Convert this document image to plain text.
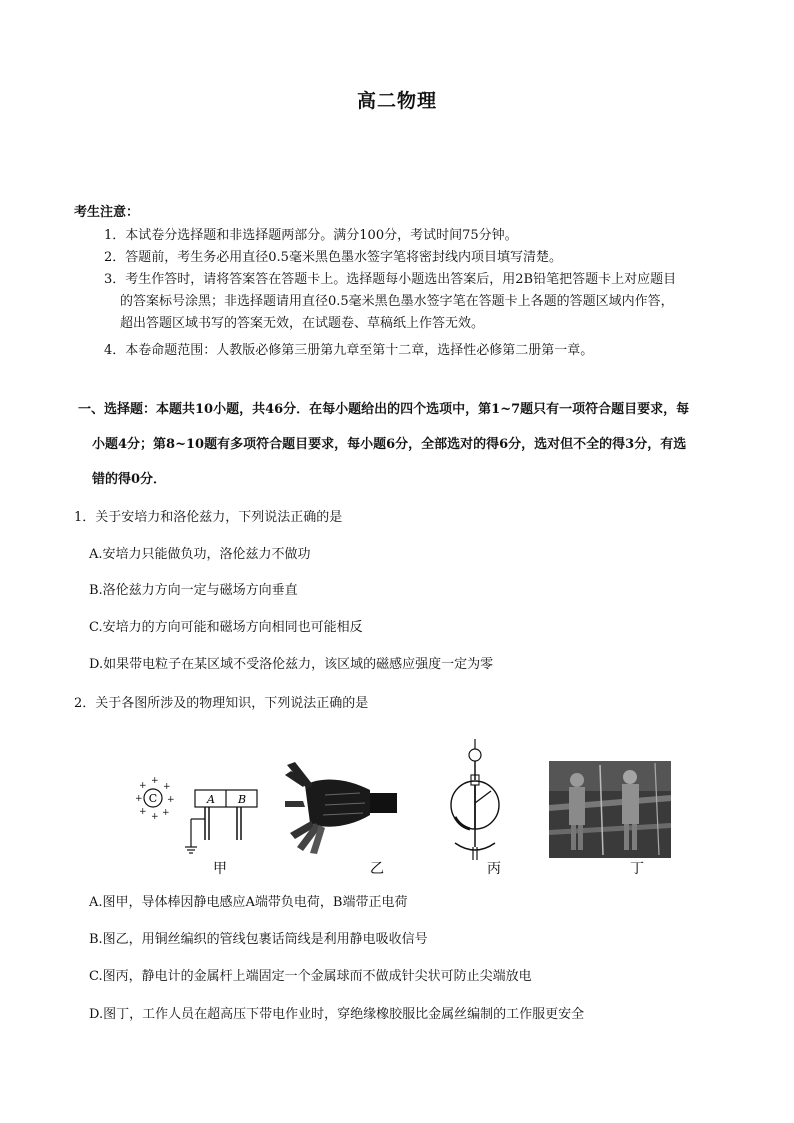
高二物理
考生注意：
1．本试卷分选择题和非选择题两部分。满分100分，考试时间75分钟。
2．答题前，考生务必用直径0.5毫米黑色墨水签字笔将密封线内项目填写清楚。
3．考生作答时，请将答案答在答题卡上。选择题每小题选出答案后，用2B铅笔把答题卡上对应题目
的答案标号涂黑；非选择题请用直径0.5毫米黑色墨水签字笔在答题卡上各题的答题区域内作答，
超出答题区域书写的答案无效，在试题卷、草稿纸上作答无效。
4．本卷命题范围：人教版必修第三册第九章至第十二章，选择性必修第二册第一章。
一、选择题：本题共10小题，共46分．在每小题给出的四个选项中，第1~7题只有一项符合题目要求，每
小题4分；第8~10题有多项符合题目要求，每小题6分，全部选对的得6分，选对但不全的得3分，有选
错的得0分．
1．关于安培力和洛伦兹力，下列说法正确的是
A.安培力只能做负功，洛伦兹力不做功
B.洛伦兹力方向一定与磁场方向垂直
C.安培力的方向可能和磁场方向相同也可能相反
D.如果带电粒子在某区域不受洛伦兹力，该区域的磁感应强度一定为零
2．关于各图所涉及的物理知识，下列说法正确的是
C
+
+
+
+
+
+
+
+
A B
甲	乙	丙	丁
A.图甲，导体棒因静电感应A端带负电荷，B端带正电荷
B.图乙，用铜丝编织的管线包裹话筒线是利用静电吸收信号
C.图丙，静电计的金属杆上端固定一个金属球而不做成针尖状可防止尖端放电
D.图丁，工作人员在超高压下带电作业时，穿绝缘橡胶服比金属丝编制的工作服更安全
